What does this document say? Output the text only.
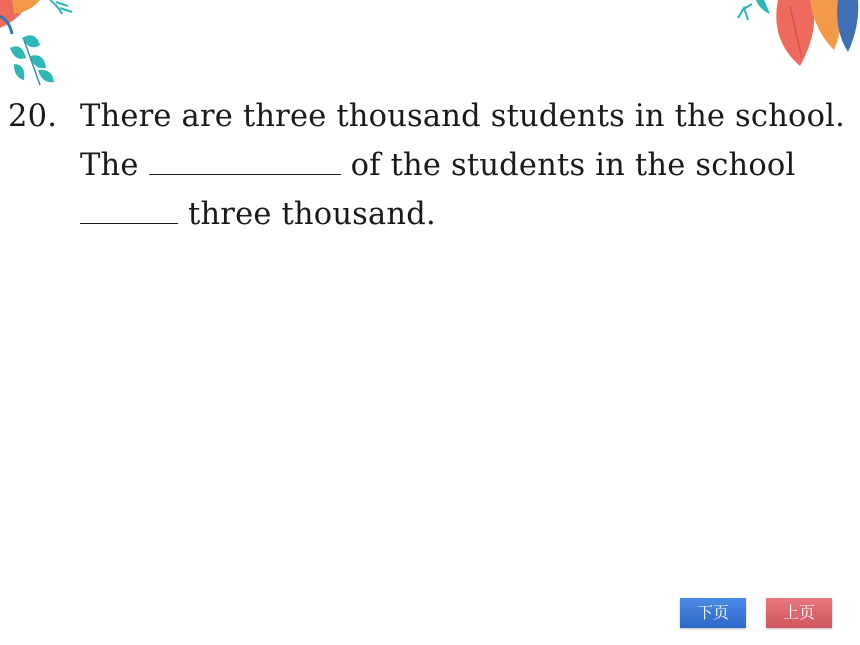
20. There are three thousand students in the school.
The	of the students in the school
three thousand.
下页	上页
